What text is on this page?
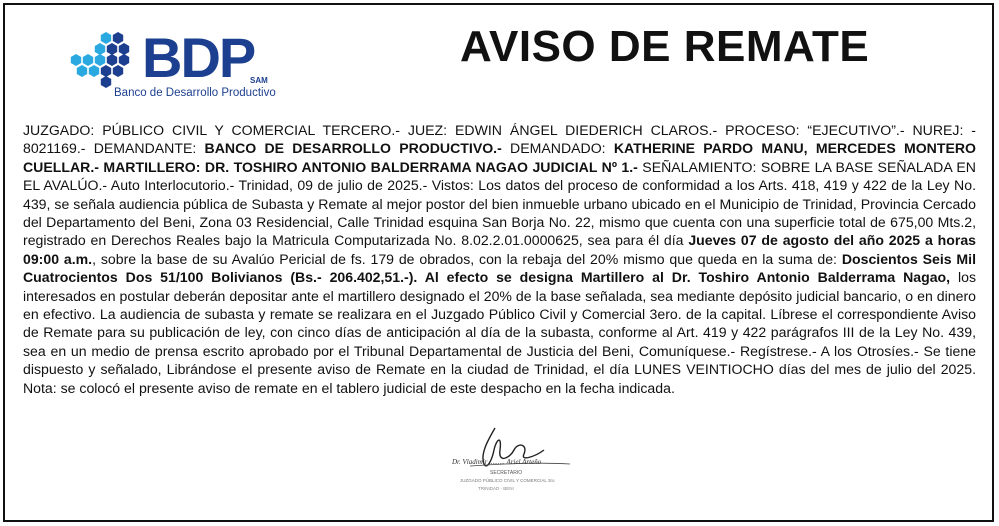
BDP
SAM
Banco de Desarrollo Productivo
AVISO DE REMATE

JUZGADO: PÚBLICO CIVIL Y COMERCIAL TERCERO.- JUEZ: EDWIN ÁNGEL DIEDERICH CLAROS.- PROCESO: “EJECUTIVO”.- NUREJ: - 8021169.- DEMANDANTE: BANCO DE DESARROLLO PRODUCTIVO.- DEMANDADO: KATHERINE PARDO MANU, MERCEDES MONTERO CUELLAR.- MARTILLERO: DR. TOSHIRO ANTONIO BALDERRAMA NAGAO JUDICIAL Nº 1.- SEÑALAMIENTO: SOBRE LA BASE SEÑALADA EN EL AVALÚO.- Auto Interlocutorio.- Trinidad, 09 de julio de 2025.- Vistos: Los datos del proceso de conformidad a los Arts. 418, 419 y 422 de la Ley No. 439, se señala audiencia pública de Subasta y Remate al mejor postor del bien inmueble urbano ubicado en el Municipio de Trinidad, Provincia Cercado del Departamento del Beni, Zona 03 Residencial, Calle Trinidad esquina San Borja No. 22, mismo que cuenta con una superficie total de 675,00 Mts.2, registrado en Derechos Reales bajo la Matricula Computarizada No. 8.02.2.01.0000625, sea para él día Jueves 07 de agosto del año 2025 a horas 09:00 a.m., sobre la base de su Avalúo Pericial de fs. 179 de obrados, con la rebaja del 20% mismo que queda en la suma de: Doscientos Seis Mil Cuatrocientos Dos 51/100 Bolivianos (Bs.- 206.402,51.-). Al efecto se designa Martillero al Dr. Toshiro Antonio Balderrama Nagao, los interesados en postular deberán depositar ante el martillero designado el 20% de la base señalada, sea mediante depósito judicial bancario, o en dinero en efectivo. La audiencia de subasta y remate se realizara en el Juzgado Público Civil y Comercial 3ero. de la capital. Líbrese el correspondiente Aviso de Remate para su publicación de ley, con cinco días de anticipación al día de la subasta, conforme al Art. 419 y 422 parágrafos III de la Ley No. 439, sea en un medio de prensa escrito aprobado por el Tribunal Departamental de Justicia del Beni, Comuníquese.- Regístrese.- A los Otrosíes.- Se tiene dispuesto y señalado, Librándose el presente aviso de Remate en la ciudad de Trinidad, el día LUNES VEINTIOCHO días del mes de julio del 2025. Nota: se colocó el presente aviso de remate en el tablero judicial de este despacho en la fecha indicada.

Dr. Vladimir ......... Ariel Arteño
SECRETARIO
JUZGADO PÚBLICO CIVIL Y COMERCIAL 3ro
TRINIDAD - BENI
